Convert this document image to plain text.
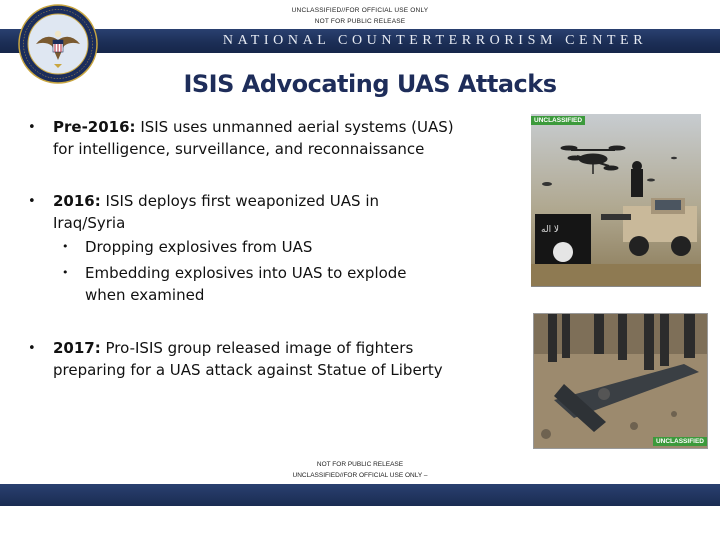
UNCLASSIFIED//FOR OFFICIAL USE ONLY
NOT FOR PUBLIC RELEASE
NATIONAL COUNTERTERRORISM CENTER
ISIS Advocating UAS Attacks
• Pre-2016: ISIS uses unmanned aerial systems (UAS)
for intelligence, surveillance, and reconnaissance
• 2016: ISIS deploys first weaponized UAS in
Iraq/Syria
• Dropping explosives from UAS
• Embedding explosives into UAS to explode
when examined
• 2017: Pro-ISIS group released image of fighters
preparing for a UAS attack against Statue of Liberty
لا اله
UNCLASSIFIED
UNCLASSIFIED
NOT FOR PUBLIC RELEASE
UNCLASSIFIED//FOR OFFICIAL USE ONLY –
